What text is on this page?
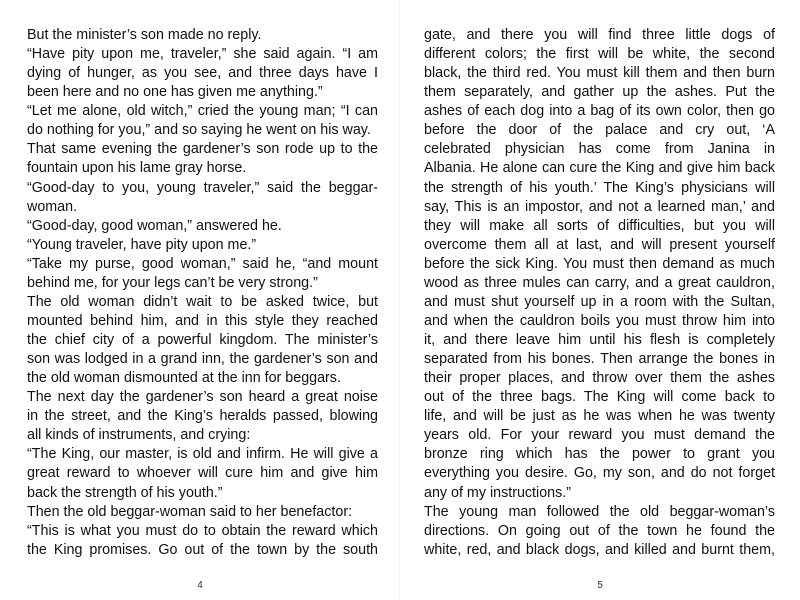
But the minister’s son made no reply.
“Have pity upon me, traveler,” she said again. “I am
dying of hunger, as you see, and three days have I
been here and no one has given me anything.”
“Let me alone, old witch,” cried the young man; “I can
do nothing for you,” and so saying he went on his way.
That same evening the gardener’s son rode up to the
fountain upon his lame gray horse.
“Good-day to you, young traveler,” said the beggar-
woman.
“Good-day, good woman,” answered he.
“Young traveler, have pity upon me.”
“Take my purse, good woman,” said he, “and mount
behind me, for your legs can’t be very strong.”
The old woman didn’t wait to be asked twice, but
mounted behind him, and in this style they reached
the chief city of a powerful kingdom. The minister’s
son was lodged in a grand inn, the gardener’s son and
the old woman dismounted at the inn for beggars.
The next day the gardener’s son heard a great noise
in the street, and the King’s heralds passed, blowing
all kinds of instruments, and crying:
“The King, our master, is old and infirm. He will give a
great reward to whoever will cure him and give him
back the strength of his youth.”
Then the old beggar-woman said to her benefactor:
“This is what you must do to obtain the reward which
the King promises. Go out of the town by the south
4
gate, and there you will find three little dogs of
different colors; the first will be white, the second
black, the third red. You must kill them and then burn
them separately, and gather up the ashes. Put the
ashes of each dog into a bag of its own color, then go
before the door of the palace and cry out, ‘A
celebrated physician has come from Janina in
Albania. He alone can cure the King and give him back
the strength of his youth.’ The King’s physicians will
say, This is an impostor, and not a learned man,’ and
they will make all sorts of difficulties, but you will
overcome them all at last, and will present yourself
before the sick King. You must then demand as much
wood as three mules can carry, and a great cauldron,
and must shut yourself up in a room with the Sultan,
and when the cauldron boils you must throw him into
it, and there leave him until his flesh is completely
separated from his bones. Then arrange the bones in
their proper places, and throw over them the ashes
out of the three bags. The King will come back to
life, and will be just as he was when he was twenty
years old. For your reward you must demand the
bronze ring which has the power to grant you
everything you desire. Go, my son, and do not forget
any of my instructions.”
The young man followed the old beggar-woman’s
directions. On going out of the town he found the
white, red, and black dogs, and killed and burnt them,
5
